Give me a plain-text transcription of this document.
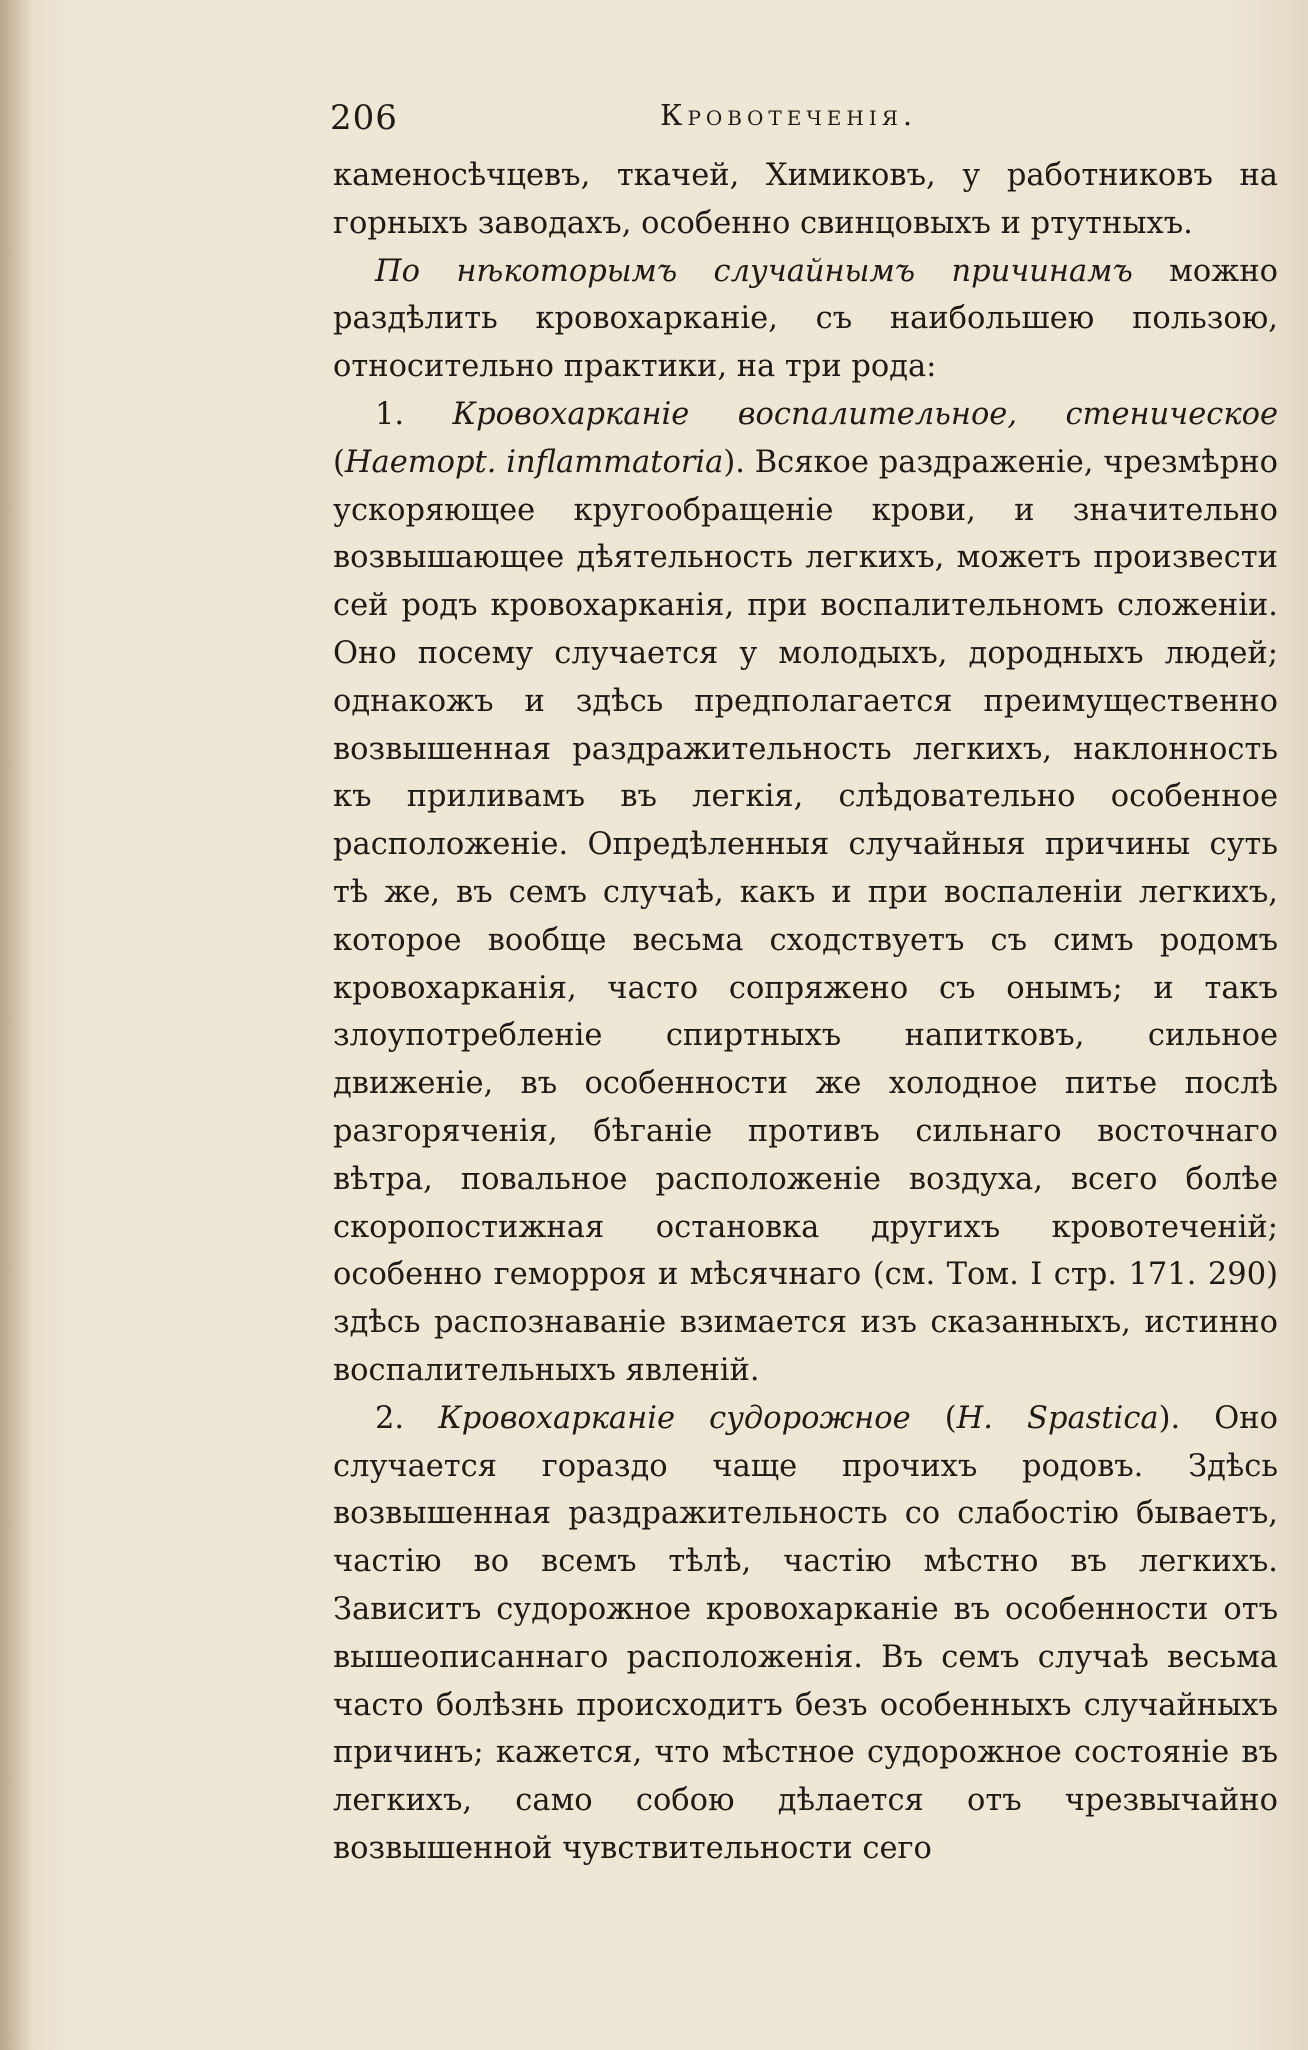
206	Кровотеченія.

каменосѣчцевъ, ткачей, Химиковъ, у работниковъ на горныхъ заводахъ, особенно свинцовыхъ и ртутныхъ.

По нѣкоторымъ случайнымъ причинамъ можно раздѣлить кровохарканіе, съ наибольшею пользою, относительно практики, на три рода:

1. Кровохарканіе воспалительное, стеническое (Haemopt. inflammatoria). Всякое раздраженіе, чрезмѣрно ускоряющее кругообращеніе крови, и значительно возвышающее дѣятельность легкихъ, можетъ произвести сей родъ кровохарканія, при воспалительномъ сложеніи. Оно посему случается у молодыхъ, дородныхъ людей; однакожъ и здѣсь предполагается преимущественно возвышенная раздражительность легкихъ, наклонность къ приливамъ въ легкія, слѣдовательно особенное расположеніе. Опредѣленныя случайныя причины суть тѣ же, въ семъ случаѣ, какъ и при воспаленіи легкихъ, которое вообще весьма сходствуетъ съ симъ родомъ кровохарканія, часто сопряжено съ онымъ; и такъ злоупотребленіе спиртныхъ напитковъ, сильное движеніе, въ особенности же холодное питье послѣ разгоряченія, бѣганіе противъ сильнаго восточнаго вѣтра, повальное расположеніе воздуха, всего болѣе скоропостижная остановка другихъ кровотеченій; особенно геморроя и мѣсячнаго (см. Том. I стр. 171. 290) здѣсь распознаваніе взимается изъ сказанныхъ, истинно воспалительныхъ явленій.

2. Кровохарканіе судорожное (H. Spastica). Оно случается гораздо чаще прочихъ родовъ. Здѣсь возвышенная раздражительность со слабостію бываетъ, частію во всемъ тѣлѣ, частію мѣстно въ легкихъ. Зависитъ судорожное кровохарканіе въ особенности отъ вышеописаннаго расположенія. Въ семъ случаѣ весьма часто болѣзнь происходитъ безъ особенныхъ случайныхъ причинъ; кажется, что мѣстное судорожное состояніе въ легкихъ, само собою дѣлается отъ чрезвычайно возвышенной чувствительности сего
